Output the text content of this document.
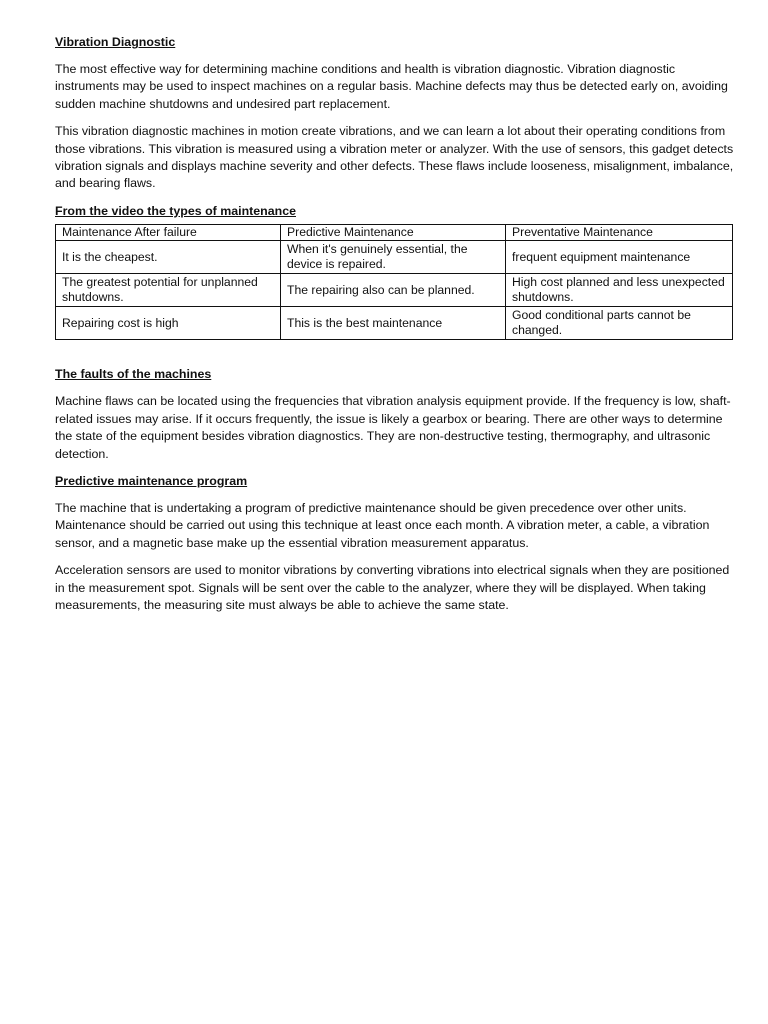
Vibration Diagnostic

The most effective way for determining machine conditions and health is vibration diagnostic. Vibration diagnostic instruments may be used to inspect machines on a regular basis. Machine defects may thus be detected early on, avoiding sudden machine shutdowns and undesired part replacement.

This vibration diagnostic machines in motion create vibrations, and we can learn a lot about their operating conditions from those vibrations. This vibration is measured using a vibration meter or analyzer. With the use of sensors, this gadget detects vibration signals and displays machine severity and other defects. These flaws include looseness, misalignment, imbalance, and bearing flaws.

From the video the types of maintenance

Maintenance After failure	Predictive Maintenance	Preventative Maintenance
It is the cheapest.	When it's genuinely essential, the device is repaired.	frequent equipment maintenance
The greatest potential for unplanned shutdowns.	The repairing also can be planned.	High cost planned and less unexpected shutdowns.
Repairing cost is high	This is the best maintenance	Good conditional parts cannot be changed.

The faults of the machines

Machine flaws can be located using the frequencies that vibration analysis equipment provide. If the frequency is low, shaft-related issues may arise. If it occurs frequently, the issue is likely a gearbox or bearing. There are other ways to determine the state of the equipment besides vibration diagnostics. They are non-destructive testing, thermography, and ultrasonic detection.

Predictive maintenance program

The machine that is undertaking a program of predictive maintenance should be given precedence over other units. Maintenance should be carried out using this technique at least once each month. A vibration meter, a cable, a vibration sensor, and a magnetic base make up the essential vibration measurement apparatus.

Acceleration sensors are used to monitor vibrations by converting vibrations into electrical signals when they are positioned in the measurement spot. Signals will be sent over the cable to the analyzer, where they will be displayed. When taking measurements, the measuring site must always be able to achieve the same state.
